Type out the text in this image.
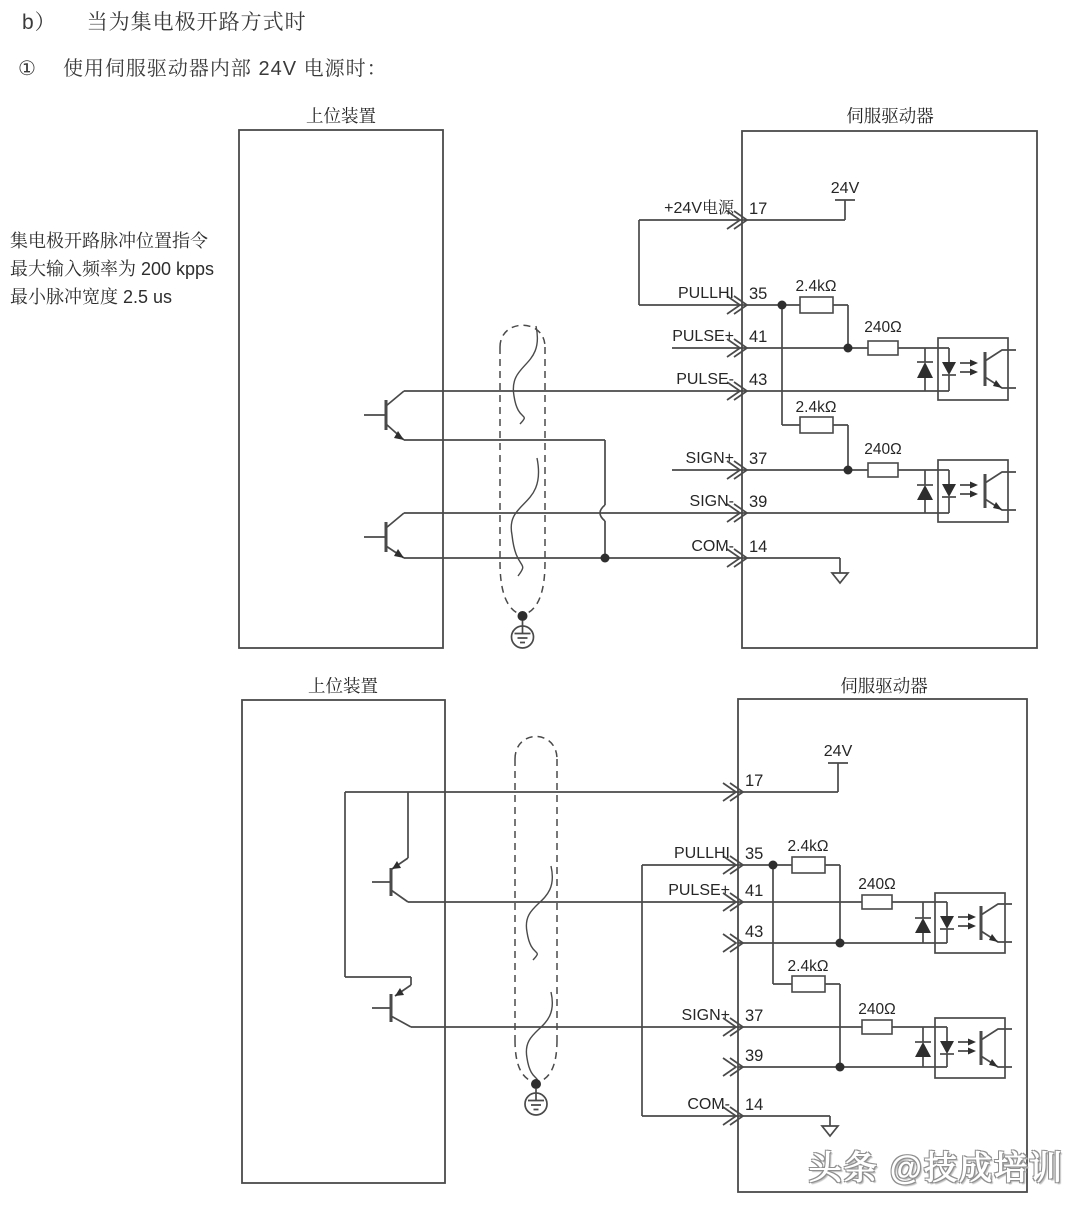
b） 当为集电极开路方式时
① 使用伺服驱动器内部 24V 电源时：
集电极开路脉冲位置指令
最大输入频率为 200 kpps
最小脉冲宽度 2.5 us
头条 @技成培训
上位装置	伺服驱动器
24V
2.4kΩ
2.4kΩ
240Ω
240Ω
+24V电源
PULLHI
PULSE+
PULSE-
SIGN+
SIGN-
COM-
17
35
41
43
37
39
14
上位装置	伺服驱动器
24V
2.4kΩ
2.4kΩ
240Ω
240Ω
PULLHI
PULSE+
SIGN+
COM-
17
35
41
43
37
39
14
